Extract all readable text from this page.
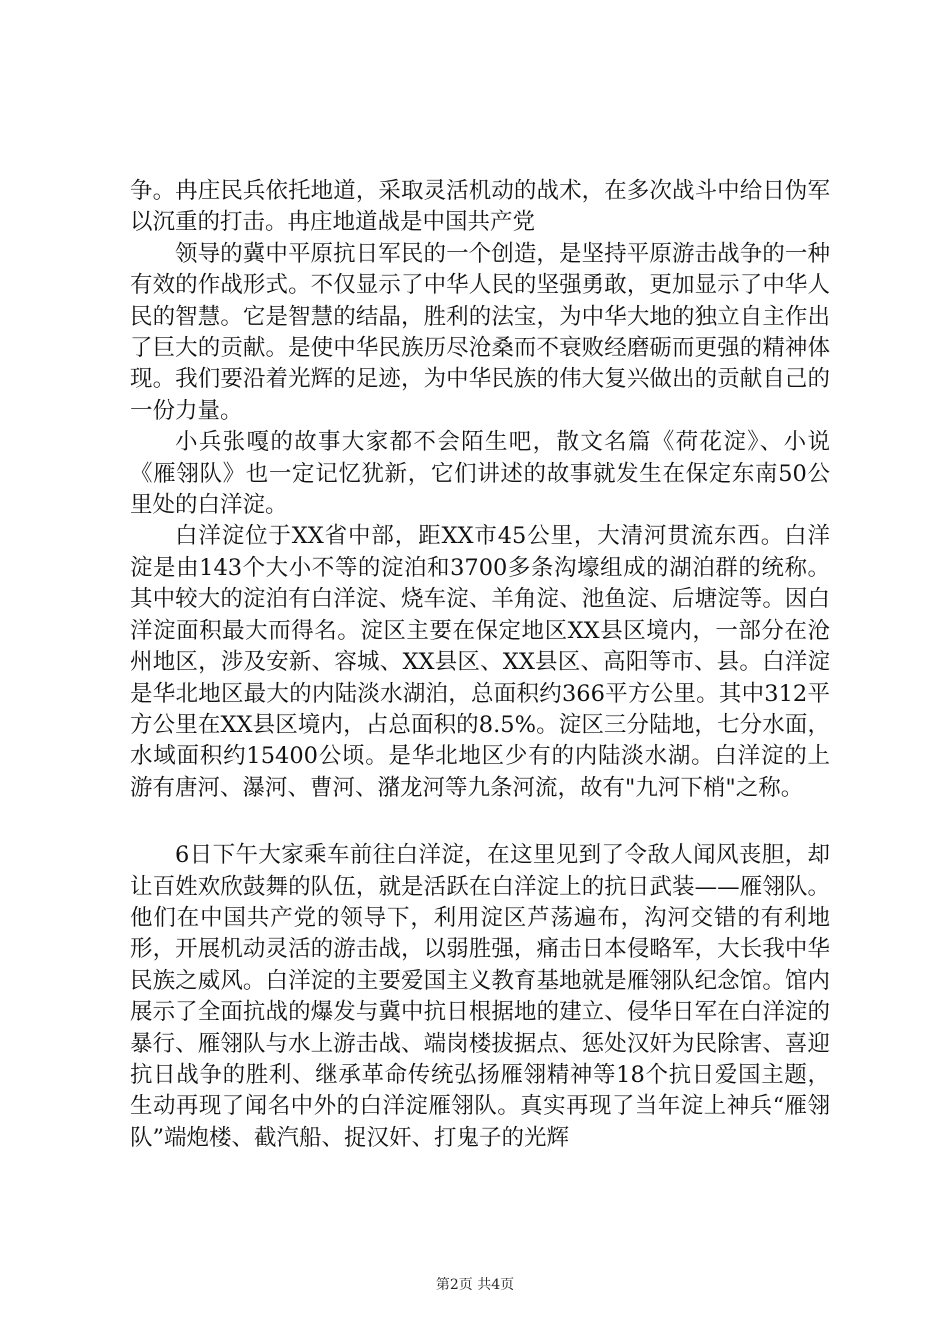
争。冉庄民兵依托地道，采取灵活机动的战术，在多次战斗中给日伪军以沉重的打击。冉庄地道战是中国共产党

领导的冀中平原抗日军民的一个创造，是坚持平原游击战争的一种有效的作战形式。不仅显示了中华人民的坚强勇敢，更加显示了中华人民的智慧。它是智慧的结晶，胜利的法宝，为中华大地的独立自主作出了巨大的贡献。是使中华民族历尽沧桑而不衰败经磨砺而更强的精神体现。我们要沿着光辉的足迹，为中华民族的伟大复兴做出的贡献自己的一份力量。

小兵张嘎的故事大家都不会陌生吧，散文名篇《荷花淀》、小说《雁翎队》也一定记忆犹新，它们讲述的故事就发生在保定东南50公里处的白洋淀。

白洋淀位于XX省中部，距XX市45公里，大清河贯流东西。白洋淀是由143个大小不等的淀泊和3700多条沟壕组成的湖泊群的统称。其中较大的淀泊有白洋淀、烧车淀、羊角淀、池鱼淀、后塘淀等。因白洋淀面积最大而得名。淀区主要在保定地区XX县区境内，一部分在沧州地区，涉及安新、容城、XX县区、XX县区、高阳等市、县。白洋淀是华北地区最大的内陆淡水湖泊，总面积约366平方公里。其中312平方公里在XX县区境内，占总面积的8.5%。淀区三分陆地，七分水面，水域面积约15400公顷。是华北地区少有的内陆淡水湖。白洋淀的上游有唐河、瀑河、曹河、潴龙河等九条河流，故有"九河下梢"之称。

6日下午大家乘车前往白洋淀，在这里见到了令敌人闻风丧胆，却让百姓欢欣鼓舞的队伍，就是活跃在白洋淀上的抗日武装——雁翎队。他们在中国共产党的领导下，利用淀区芦荡遍布，沟河交错的有利地形，开展机动灵活的游击战，以弱胜强，痛击日本侵略军，大长我中华民族之威风。白洋淀的主要爱国主义教育基地就是雁翎队纪念馆。馆内展示了全面抗战的爆发与冀中抗日根据地的建立、侵华日军在白洋淀的暴行、雁翎队与水上游击战、端岗楼拔据点、惩处汉奸为民除害、喜迎抗日战争的胜利、继承革命传统弘扬雁翎精神等18个抗日爱国主题，生动再现了闻名中外的白洋淀雁翎队。真实再现了当年淀上神兵“雁翎队”端炮楼、截汽船、捉汉奸、打鬼子的光辉

第2页 共4页
